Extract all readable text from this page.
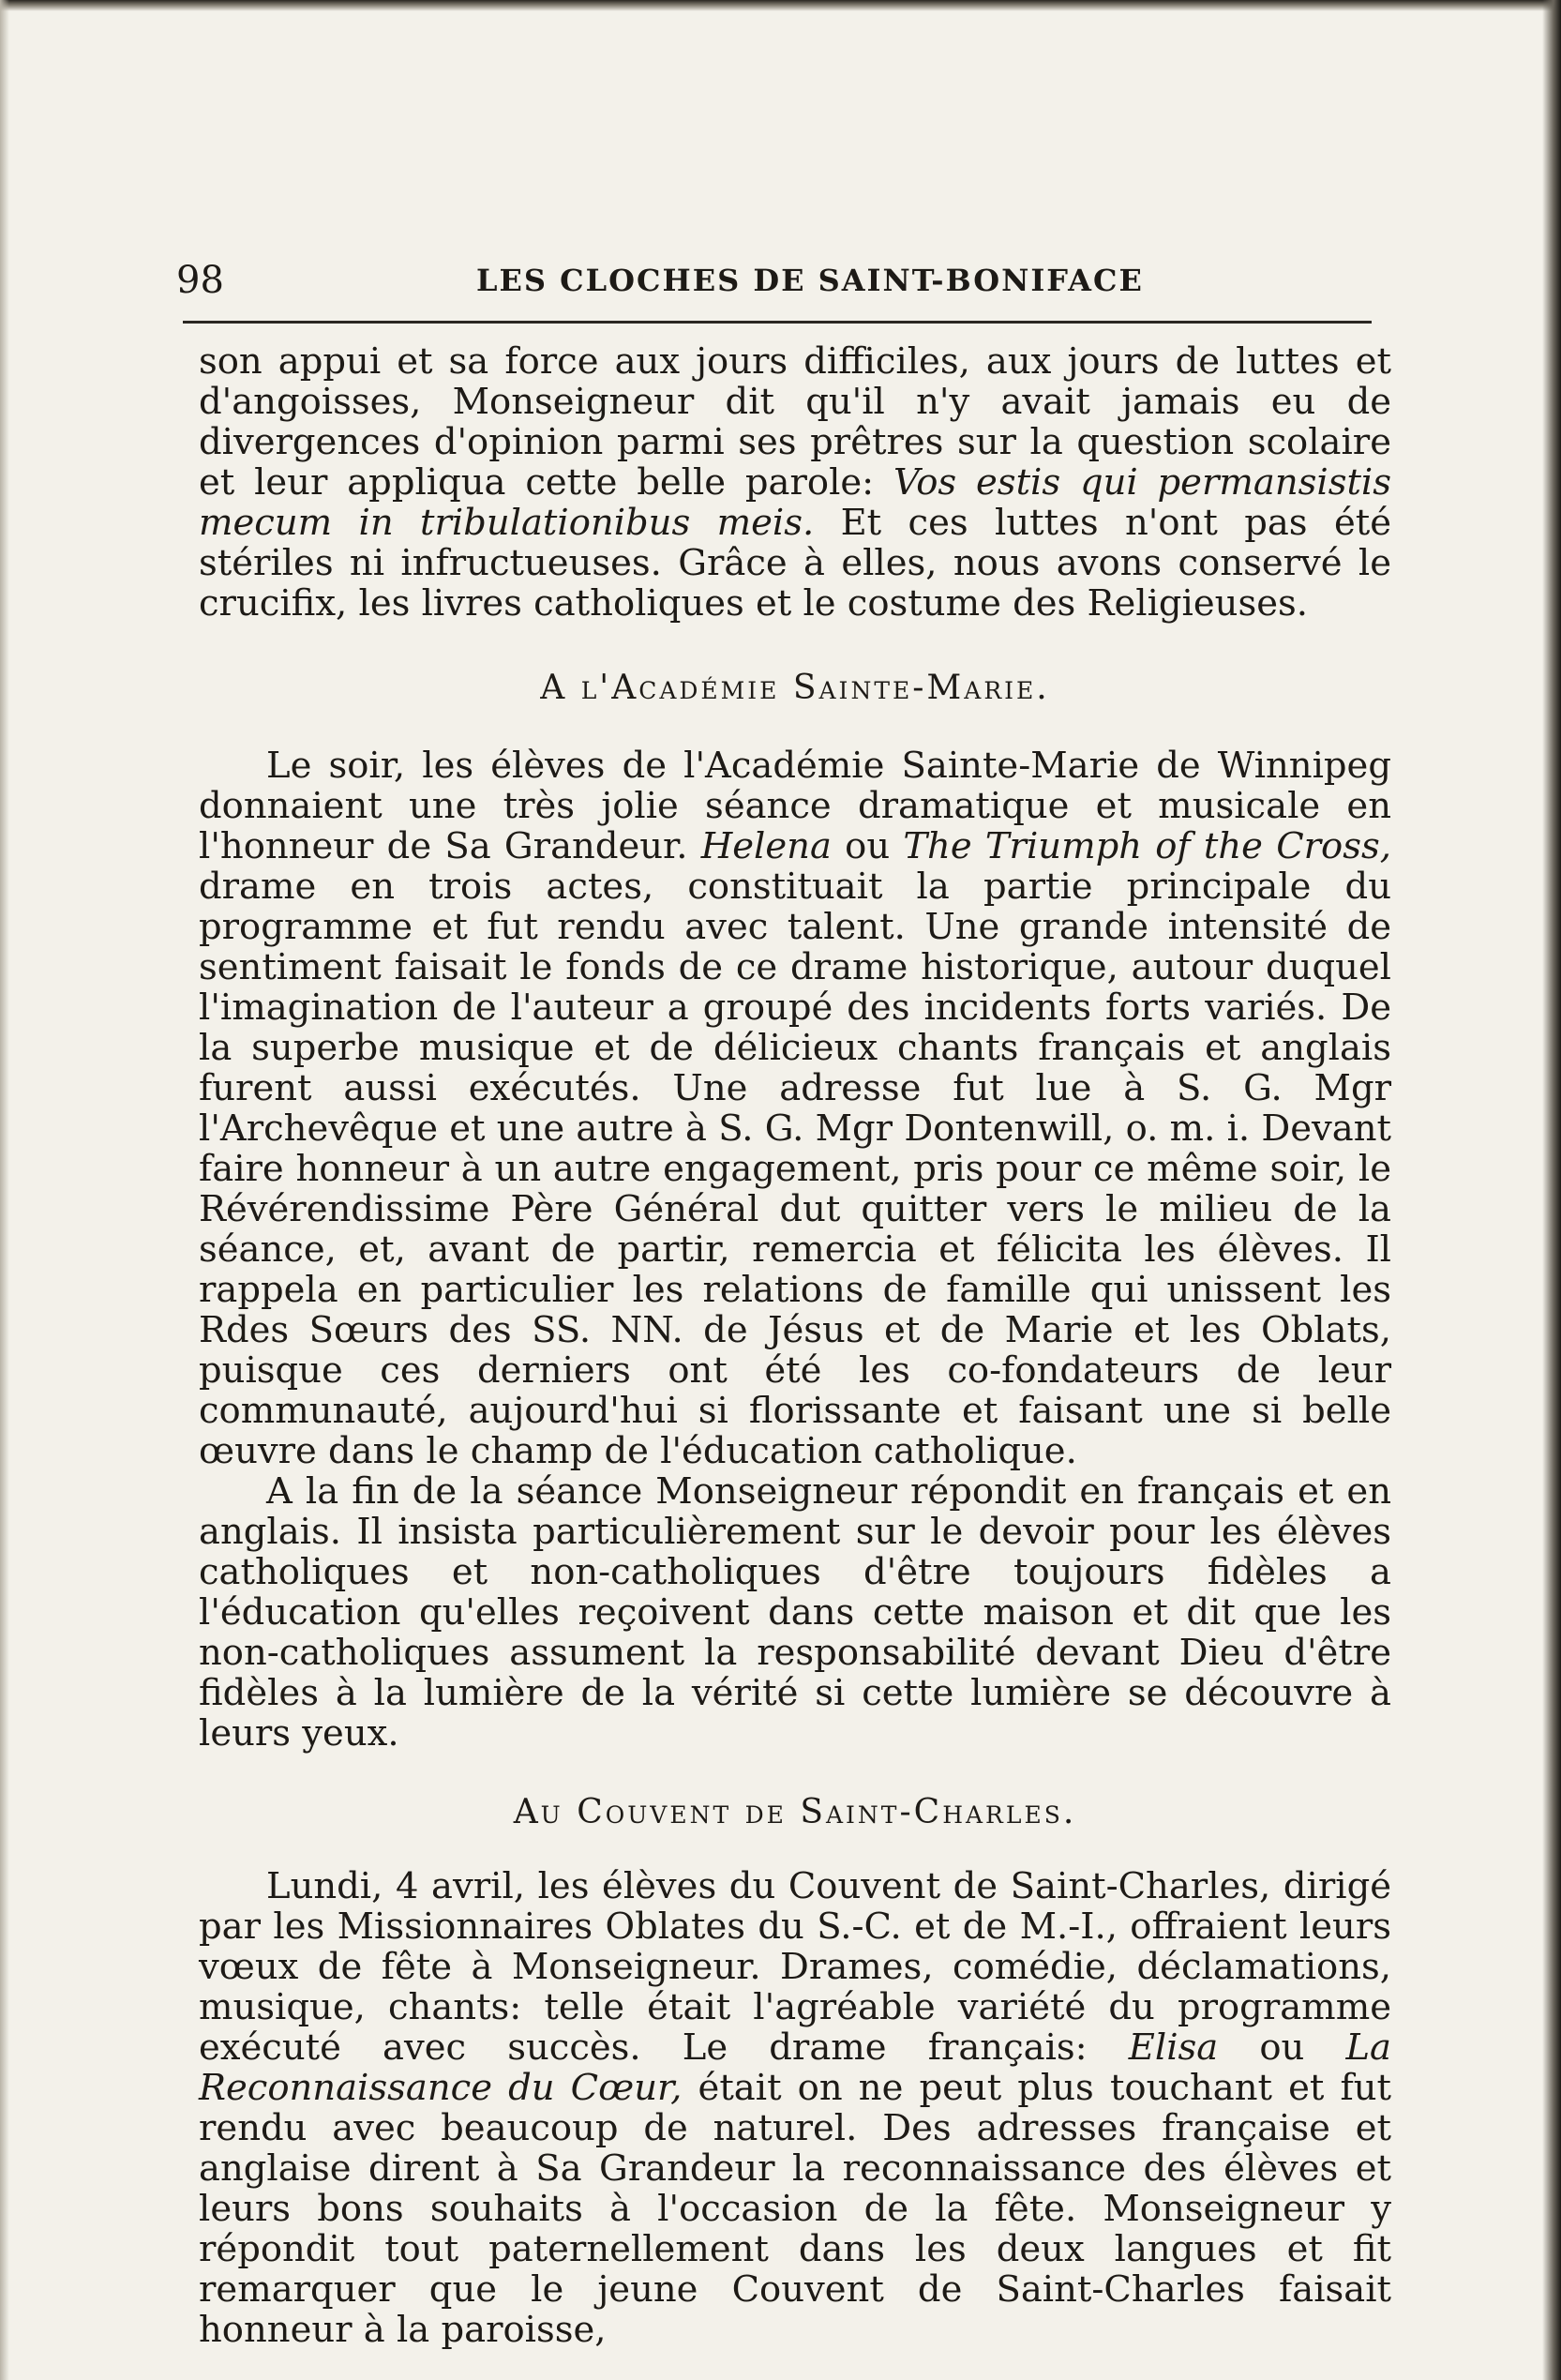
98	LES CLOCHES DE SAINT-BONIFACE

son appui et sa force aux jours difficiles, aux jours de luttes et d'angoisses, Monseigneur dit qu'il n'y avait jamais eu de divergences d'opinion parmi ses prêtres sur la question scolaire et leur appliqua cette belle parole: Vos estis qui permansistis mecum in tribulationibus meis. Et ces luttes n'ont pas été stériles ni infructueuses. Grâce à elles, nous avons conservé le crucifix, les livres catholiques et le costume des Religieuses.

A l'Académie Sainte-Marie.

Le soir, les élèves de l'Académie Sainte-Marie de Winnipeg donnaient une très jolie séance dramatique et musicale en l'honneur de Sa Grandeur. Helena ou The Triumph of the Cross, drame en trois actes, constituait la partie principale du programme et fut rendu avec talent. Une grande intensité de sentiment faisait le fonds de ce drame historique, autour duquel l'imagination de l'auteur a groupé des incidents forts variés. De la superbe musique et de délicieux chants français et anglais furent aussi exécutés. Une adresse fut lue à S. G. Mgr l'Archevêque et une autre à S. G. Mgr Dontenwill, o. m. i. Devant faire honneur à un autre engagement, pris pour ce même soir, le Révérendissime Père Général dut quitter vers le milieu de la séance, et, avant de partir, remercia et félicita les élèves. Il rappela en particulier les relations de famille qui unissent les Rdes Sœurs des SS. NN. de Jésus et de Marie et les Oblats, puisque ces derniers ont été les co-fondateurs de leur communauté, aujourd'hui si florissante et faisant une si belle œuvre dans le champ de l'éducation catholique.

A la fin de la séance Monseigneur répondit en français et en anglais. Il insista particulièrement sur le devoir pour les élèves catholiques et non-catholiques d'être toujours fidèles a l'éducation qu'elles reçoivent dans cette maison et dit que les non-catholiques assument la responsabilité devant Dieu d'être fidèles à la lumière de la vérité si cette lumière se découvre à leurs yeux.

Au Couvent de Saint-Charles.

Lundi, 4 avril, les élèves du Couvent de Saint-Charles, dirigé par les Missionnaires Oblates du S.-C. et de M.-I., offraient leurs vœux de fête à Monseigneur. Drames, comédie, déclamations, musique, chants: telle était l'agréable variété du programme exécuté avec succès. Le drame français: Elisa ou La Reconnaissance du Cœur, était on ne peut plus touchant et fut rendu avec beaucoup de naturel. Des adresses française et anglaise dirent à Sa Grandeur la reconnaissance des élèves et leurs bons souhaits à l'occasion de la fête. Monseigneur y répondit tout paternellement dans les deux langues et fit remarquer que le jeune Couvent de Saint-Charles faisait honneur à la paroisse,
